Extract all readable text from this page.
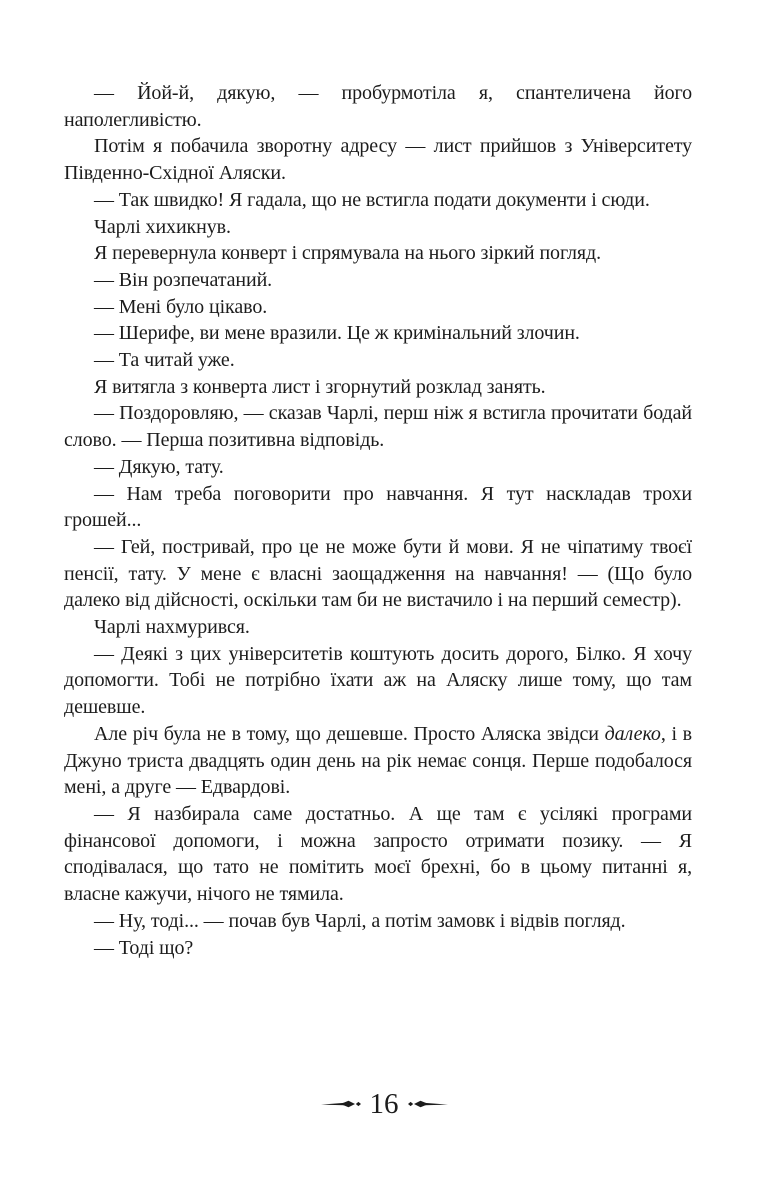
— Йой-й, дякую, — пробурмотіла я, спантеличена його наполегливістю.

Потім я побачила зворотну адресу — лист прийшов з Університету Південно-Східної Аляски.

— Так швидко! Я гадала, що не встигла подати документи і сюди.

Чарлі хихикнув.

Я перевернула конверт і спрямувала на нього зіркий погляд.

— Він розпечатаний.

— Мені було цікаво.

— Шерифе, ви мене вразили. Це ж кримінальний злочин.

— Та читай уже.

Я витягла з конверта лист і згорнутий розклад занять.

— Поздоровляю, — сказав Чарлі, перш ніж я встигла прочитати бодай слово. — Перша позитивна відповідь.

— Дякую, тату.

— Нам треба поговорити про навчання. Я тут наскладав трохи грошей...

— Гей, постривай, про це не може бути й мови. Я не чіпатиму твоєї пенсії, тату. У мене є власні заощадження на навчання! — (Що було далеко від дійсності, оскільки там би не вистачило і на перший семестр).

Чарлі нахмурився.

— Деякі з цих університетів коштують досить дорого, Білко. Я хочу допомогти. Тобі не потрібно їхати аж на Аляску лише тому, що там дешевше.

Але річ була не в тому, що дешевше. Просто Аляска звідси далеко, і в Джуно триста двадцять один день на рік немає сонця. Перше подобалося мені, а друге — Едвардові.

— Я назбирала саме достатньо. А ще там є усілякі програми фінансової допомоги, і можна запросто отримати позику. — Я сподівалася, що тато не помітить моєї брехні, бо в цьому питанні я, власне кажучи, нічого не тямила.

— Ну, тоді... — почав був Чарлі, а потім замовк і відвів погляд.

— Тоді що?

16
